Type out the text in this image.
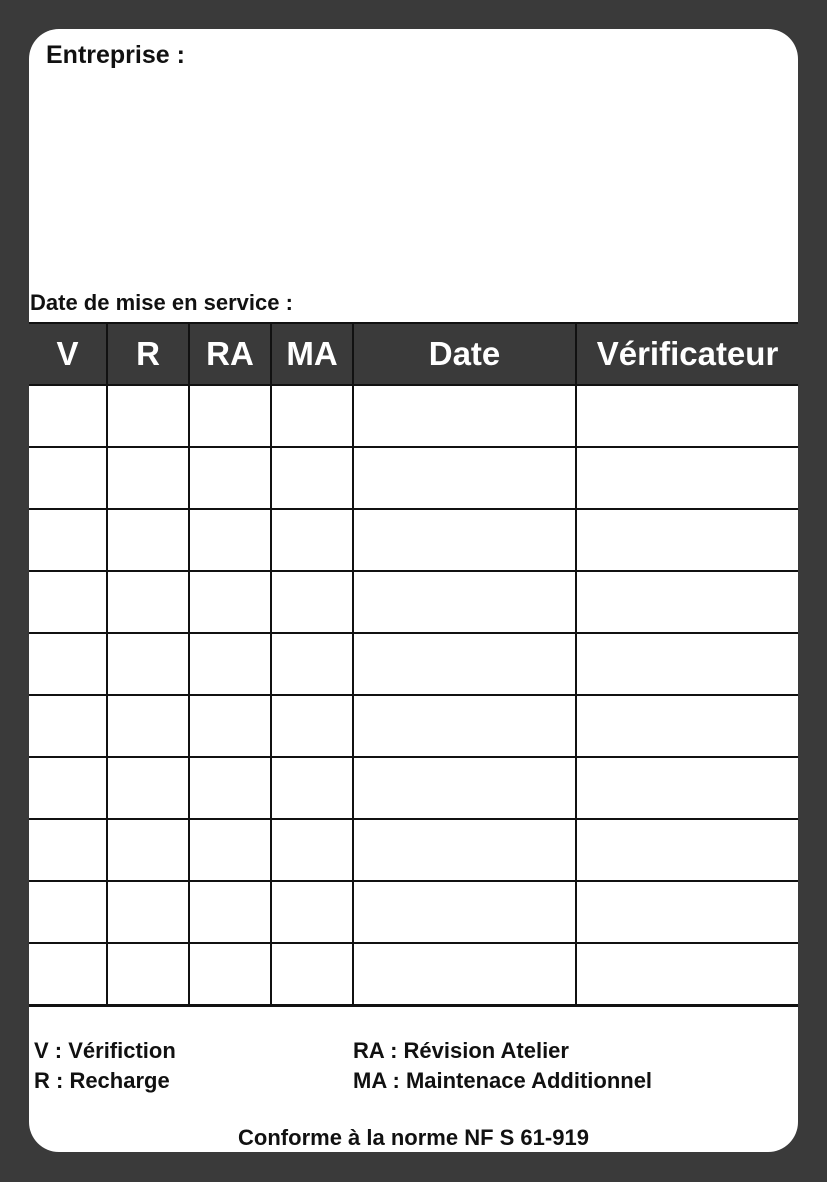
Entreprise :
Date de mise en service :
V	R	RA	MA	Date	Vérificateur

V : Vérifiction
R : Recharge
RA : Révision Atelier
MA : Maintenace Additionnel
Conforme à la norme NF S 61-919
